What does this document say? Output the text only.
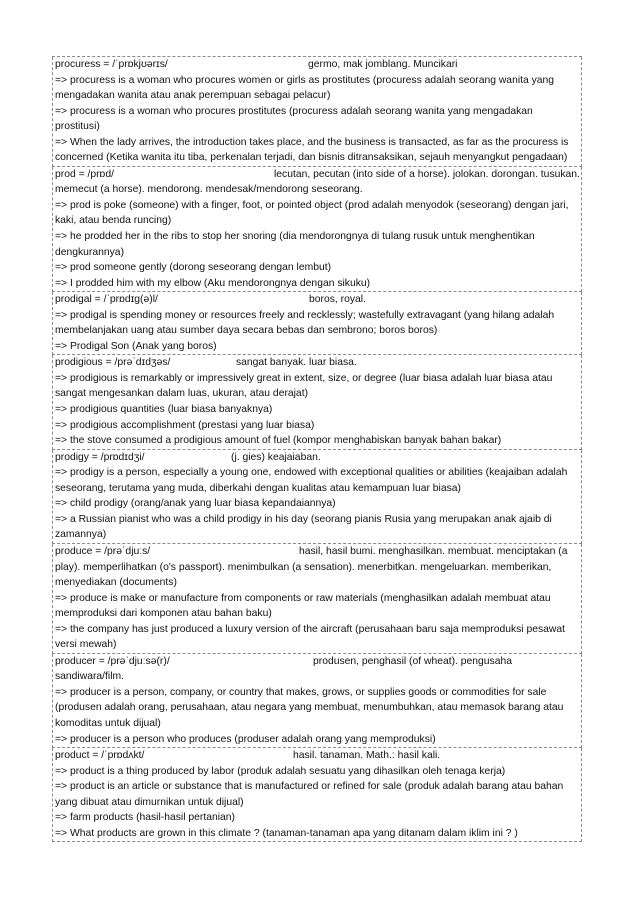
procuress = /ˈprɒkjʊərɪs/	germo, mak jomblang. Muncikari
=> procuress is a woman who procures women or girls as prostitutes (procuress adalah seorang wanita yang mengadakan wanita atau anak perempuan sebagai pelacur)
=> procuress is a woman who procures prostitutes (procuress adalah seorang wanita yang mengadakan prostitusi)
=> When the lady arrives, the introduction takes place, and the business is transacted, as far as the procuress is concerned (Ketika wanita itu tiba, perkenalan terjadi, dan bisnis ditransaksikan, sejauh menyangkut pengadaan)
prod = /prɒd/	lecutan, pecutan (into side of a horse). jolokan. dorongan. tusukan. memecut (a horse). mendorong. mendesak/mendorong seseorang.
=> prod is poke (someone) with a finger, foot, or pointed object (prod adalah menyodok (seseorang) dengan jari, kaki, atau benda runcing)
=> he prodded her in the ribs to stop her snoring (dia mendorongnya di tulang rusuk untuk menghentikan dengkurannya)
=> prod someone gently (dorong seseorang dengan lembut)
=> I prodded him with my elbow (Aku mendorongnya dengan sikuku)
prodigal = /ˈprɒdɪɡ(ə)l/	boros, royal.
=> prodigal is spending money or resources freely and recklessly; wastefully extravagant (yang hilang adalah membelanjakan uang atau sumber daya secara bebas dan sembrono; boros boros)
=> Prodigal Son (Anak yang boros)
prodigious = /prəˈdɪdʒəs/	sangat banyak. luar biasa.
=> prodigious is remarkably or impressively great in extent, size, or degree (luar biasa adalah luar biasa atau sangat mengesankan dalam luas, ukuran, atau derajat)
=> prodigious quantities (luar biasa banyaknya)
=> prodigious accomplishment (prestasi yang luar biasa)
=> the stove consumed a prodigious amount of fuel (kompor menghabiskan banyak bahan bakar)
prodigy = /prɒdɪdʒi/	(j. gies) keajaiaban.
=> prodigy is a person, especially a young one, endowed with exceptional qualities or abilities (keajaiban adalah seseorang, terutama yang muda, diberkahi dengan kualitas atau kemampuan luar biasa)
=> child prodigy (orang/anak yang luar biasa kepandaiannya)
=> a Russian pianist who was a child prodigy in his day (seorang pianis Rusia yang merupakan anak ajaib di zamannya)
produce = /prəˈdjuːs/	hasil, hasil bumi. menghasilkan. membuat. menciptakan (a play). memperlihatkan (o's passport). menimbulkan (a sensation). menerbitkan. mengeluarkan. memberikan, menyediakan (documents)
=> produce is make or manufacture from components or raw materials (menghasilkan adalah membuat atau memproduksi dari komponen atau bahan baku)
=> the company has just produced a luxury version of the aircraft (perusahaan baru saja memproduksi pesawat versi mewah)
producer = /prəˈdjuːsə(r)/	produsen, penghasil (of wheat). pengusaha sandiwara/film.
=> producer is a person, company, or country that makes, grows, or supplies goods or commodities for sale (produsen adalah orang, perusahaan, atau negara yang membuat, menumbuhkan, atau memasok barang atau komoditas untuk dijual)
=> producer is a person who produces (produser adalah orang yang memproduksi)
product = /ˈprɒdʌkt/	hasil. tanaman. Math.: hasil kali.
=> product is a thing produced by labor (produk adalah sesuatu yang dihasilkan oleh tenaga kerja)
=> product is an article or substance that is manufactured or refined for sale (produk adalah barang atau bahan yang dibuat atau dimurnikan untuk dijual)
=> farm products (hasil-hasil pertanian)
=> What products are grown in this climate ? (tanaman-tanaman apa yang ditanam dalam iklim ini ? )
